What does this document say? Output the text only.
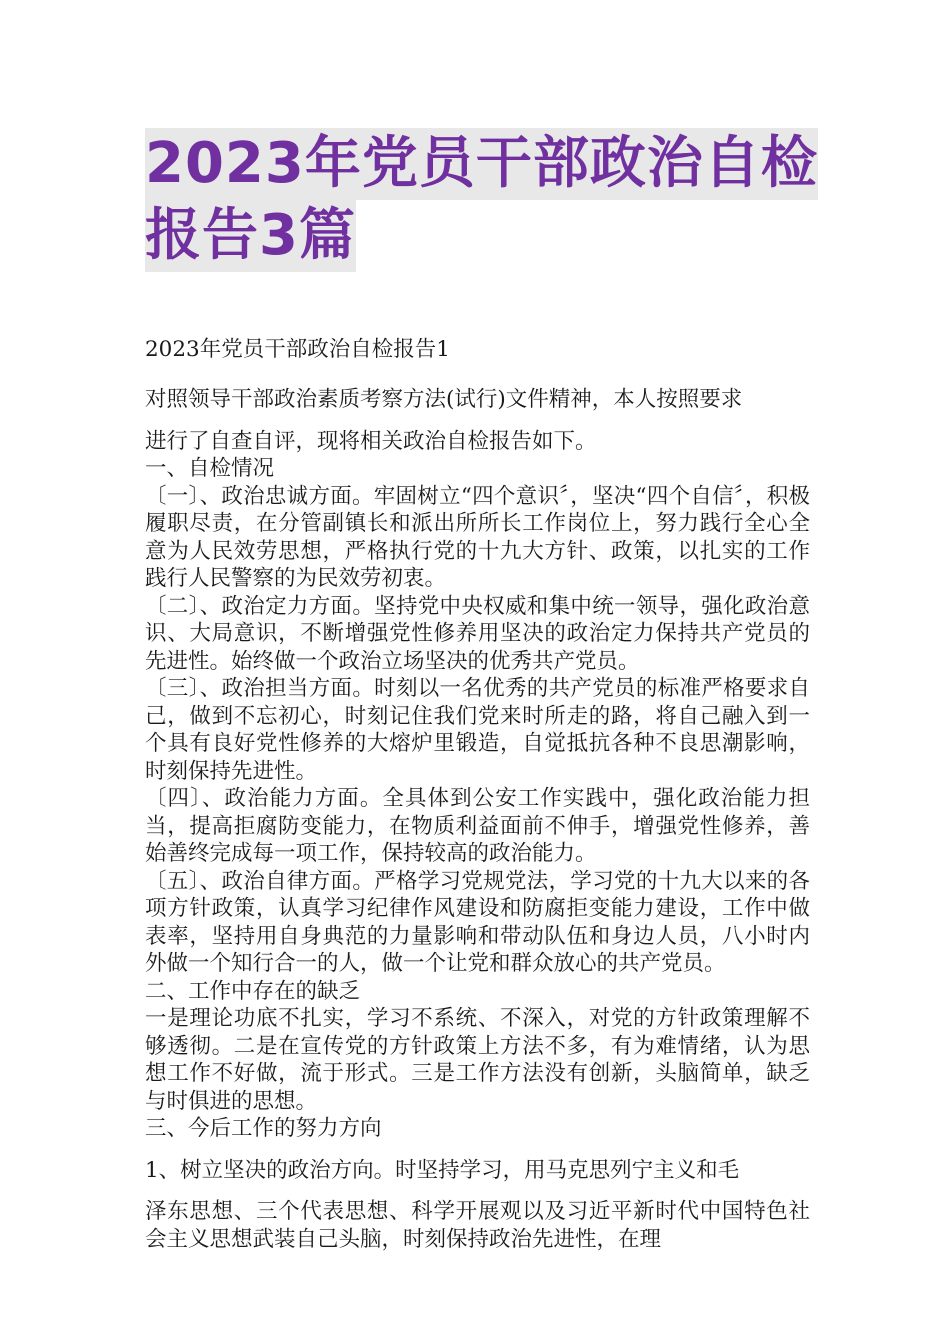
2023年党员干部政治自检
报告3篇

2023年党员干部政治自检报告1

对照领导干部政治素质考察方法(试行)文件精神，本人按照要求

进行了自查自评，现将相关政治自检报告如下。

一、自检情况

〔一〕、政治忠诚方面。牢固树立“四个意识〞，坚决“四个自信〞，积极履职尽责，在分管副镇长和派出所所长工作岗位上，努力践行全心全意为人民效劳思想，严格执行党的十九大方针、政策，以扎实的工作践行人民警察的为民效劳初衷。

〔二〕、政治定力方面。坚持党中央权威和集中统一领导，强化政治意识、大局意识，不断增强党性修养用坚决的政治定力保持共产党员的先进性。始终做一个政治立场坚决的优秀共产党员。

〔三〕、政治担当方面。时刻以一名优秀的共产党员的标准严格要求自己，做到不忘初心，时刻记住我们党来时所走的路，将自己融入到一个具有良好党性修养的大熔炉里锻造，自觉抵抗各种不良思潮影响，时刻保持先进性。

〔四〕、政治能力方面。全具体到公安工作实践中，强化政治能力担当，提高拒腐防变能力，在物质利益面前不伸手，增强党性修养，善始善终完成每一项工作，保持较高的政治能力。

〔五〕、政治自律方面。严格学习党规党法，学习党的十九大以来的各项方针政策，认真学习纪律作风建设和防腐拒变能力建设，工作中做表率，坚持用自身典范的力量影响和带动队伍和身边人员，八小时内外做一个知行合一的人，做一个让党和群众放心的共产党员。

二、工作中存在的缺乏

一是理论功底不扎实，学习不系统、不深入，对党的方针政策理解不够透彻。二是在宣传党的方针政策上方法不多，有为难情绪，认为思想工作不好做，流于形式。三是工作方法没有创新，头脑简单，缺乏与时俱进的思想。

三、今后工作的努力方向

1、树立坚决的政治方向。时坚持学习，用马克思列宁主义和毛

泽东思想、三个代表思想、科学开展观以及习近平新时代中国特色社会主义思想武装自己头脑，时刻保持政治先进性，在理
